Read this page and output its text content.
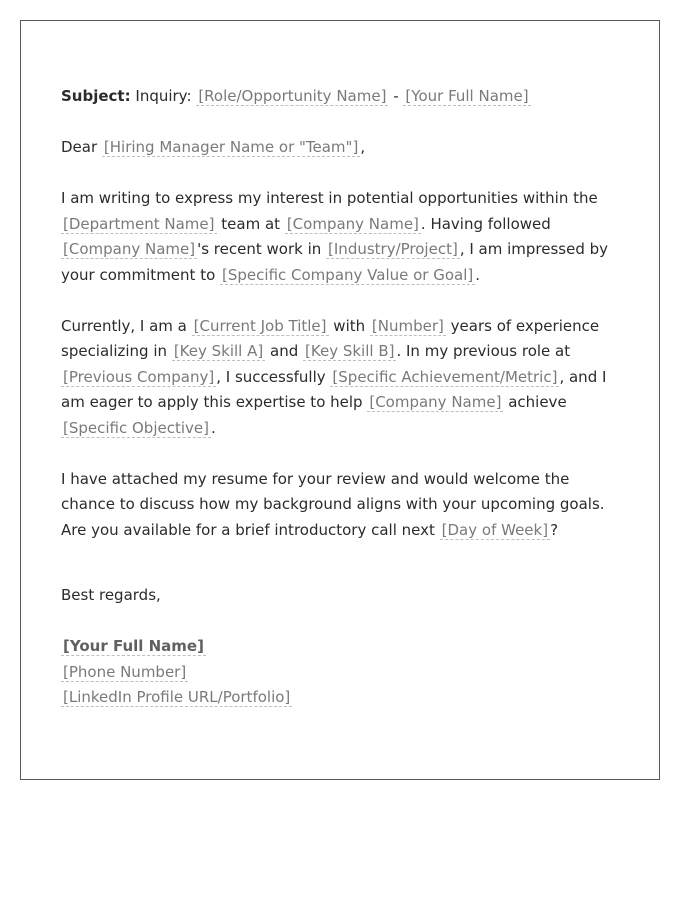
Subject: Inquiry: [Role/Opportunity Name] - [Your Full Name]

Dear [Hiring Manager Name or "Team"] ,

I am writing to express my interest in potential opportunities within the [Department Name] team at [Company Name] . Having followed [Company Name] 's recent work in [Industry/Project] , I am impressed by your commitment to [Specific Company Value or Goal] .

Currently, I am a [Current Job Title] with [Number] years of experience specializing in [Key Skill A] and [Key Skill B] . In my previous role at [Previous Company] , I successfully [Specific Achievement/Metric] , and I am eager to apply this expertise to help [Company Name] achieve [Specific Objective] .

I have attached my resume for your review and would welcome the chance to discuss how my background aligns with your upcoming goals. Are you available for a brief introductory call next [Day of Week] ?

Best regards,

[Your Full Name]
[Phone Number]
[LinkedIn Profile URL/Portfolio]
